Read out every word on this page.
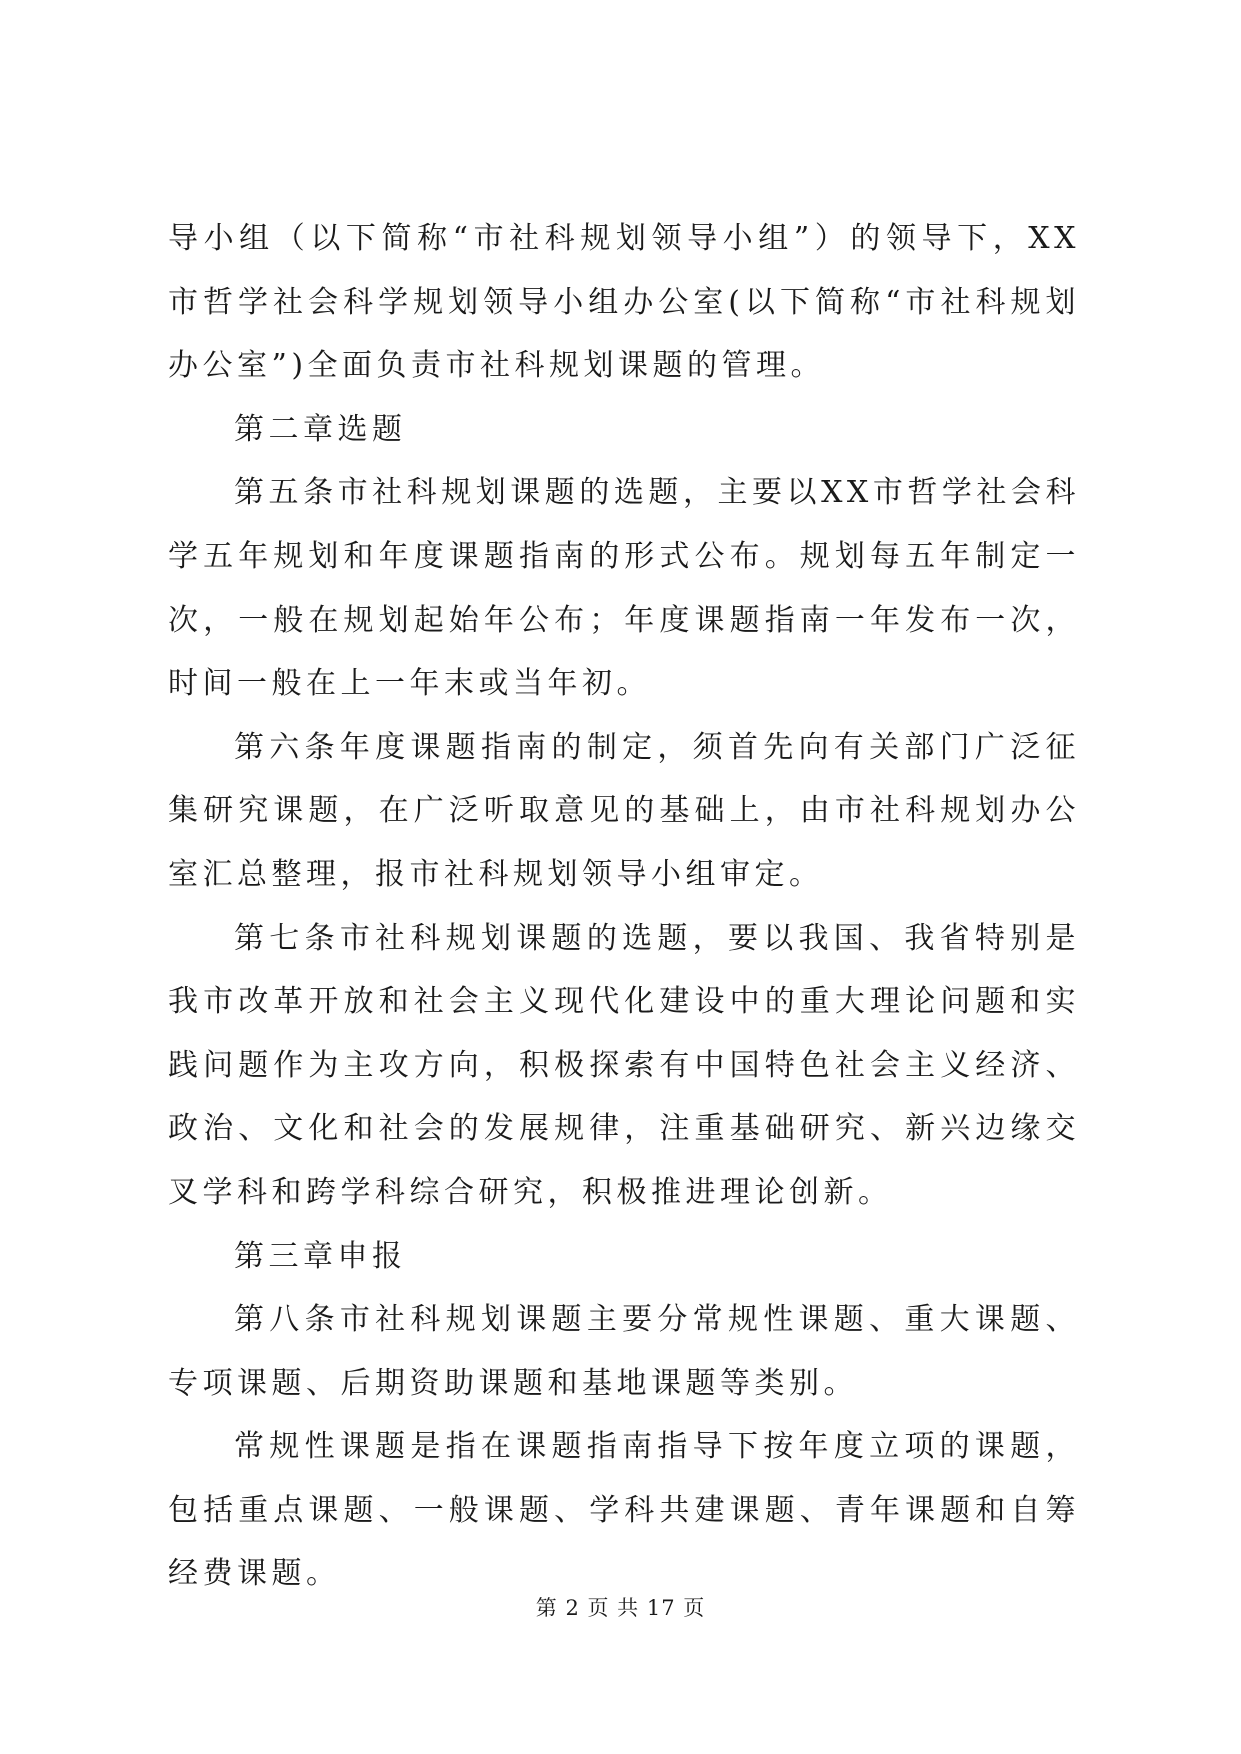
导小组（以下简称“市社科规划领导小组”）的领导下，XX市哲学社会科学规划领导小组办公室(以下简称“市社科规划办公室”)全面负责市社科规划课题的管理。

第二章选题

第五条市社科规划课题的选题，主要以XX市哲学社会科学五年规划和年度课题指南的形式公布。规划每五年制定一次，一般在规划起始年公布；年度课题指南一年发布一次，时间一般在上一年末或当年初。

第六条年度课题指南的制定，须首先向有关部门广泛征集研究课题，在广泛听取意见的基础上，由市社科规划办公室汇总整理，报市社科规划领导小组审定。

第七条市社科规划课题的选题，要以我国、我省特别是我市改革开放和社会主义现代化建设中的重大理论问题和实践问题作为主攻方向，积极探索有中国特色社会主义经济、政治、文化和社会的发展规律，注重基础研究、新兴边缘交叉学科和跨学科综合研究，积极推进理论创新。

第三章申报

第八条市社科规划课题主要分常规性课题、重大课题、专项课题、后期资助课题和基地课题等类别。

常规性课题是指在课题指南指导下按年度立项的课题，包括重点课题、一般课题、学科共建课题、青年课题和自筹经费课题。

第 2 页 共 17 页
